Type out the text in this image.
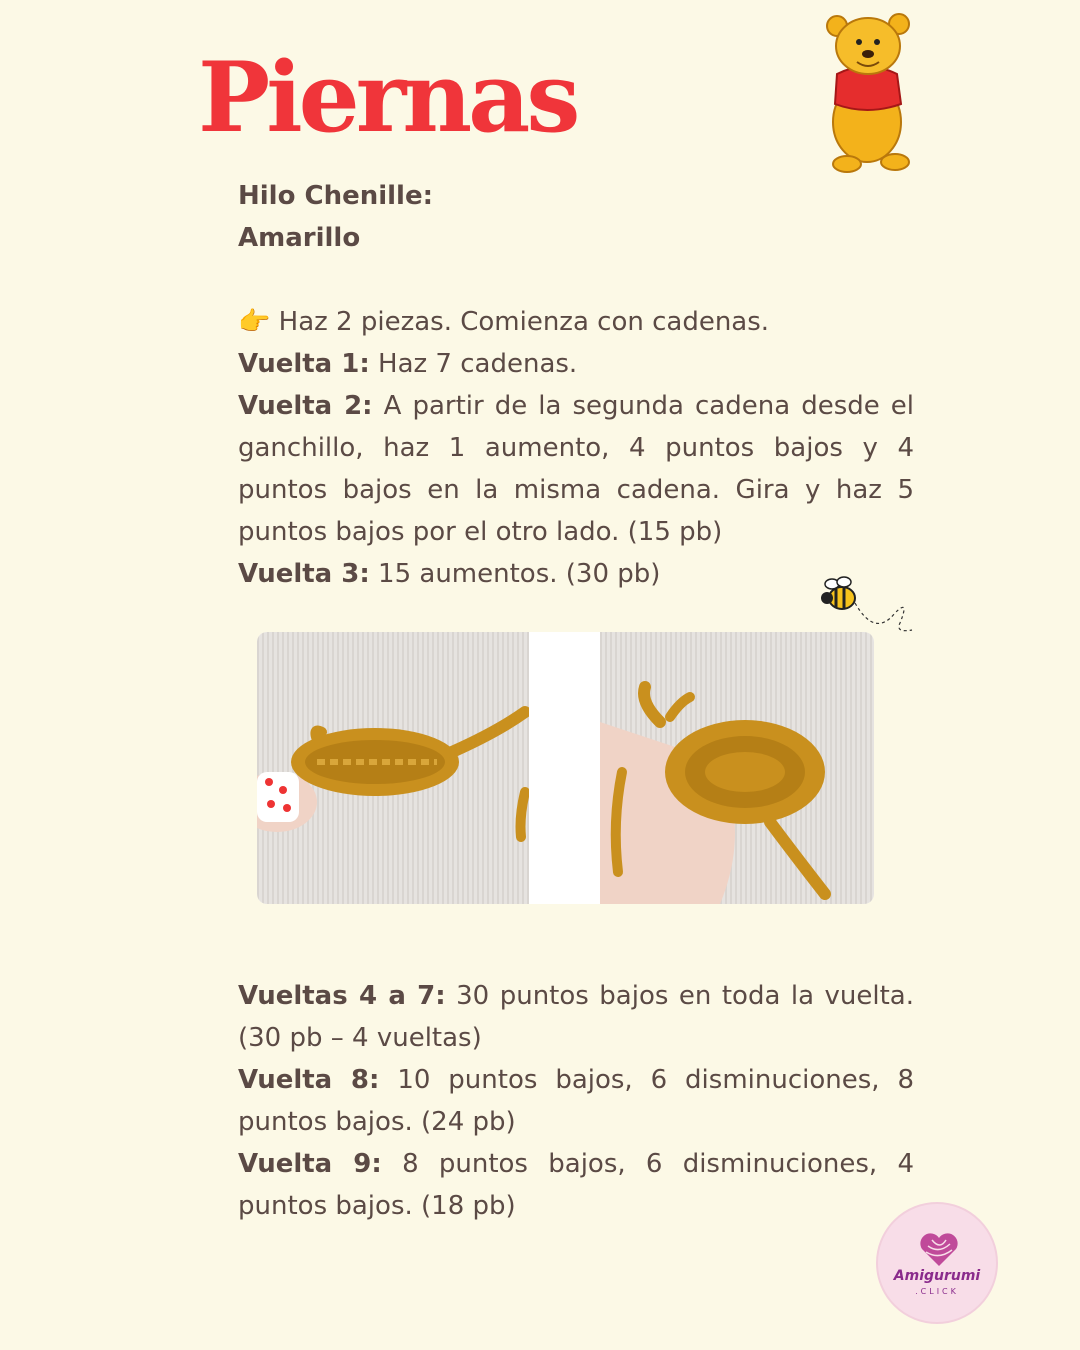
Piernas

Hilo Chenille:

Amarillo

👉 Haz 2 piezas. Comienza con cadenas.

Vuelta 1: Haz 7 cadenas.

Vuelta 2: A partir de la segunda cadena desde el ganchillo, haz 1 aumento, 4 puntos bajos y 4 puntos bajos en la misma cadena. Gira y haz 5 puntos bajos por el otro lado. (15 pb)

Vuelta 3: 15 aumentos. (30 pb)

Vueltas 4 a 7: 30 puntos bajos en toda la vuelta. (30 pb – 4 vueltas)

Vuelta 8: 10 puntos bajos, 6 disminuciones, 8 puntos bajos. (24 pb)

Vuelta 9: 8 puntos bajos, 6 disminuciones, 4 puntos bajos. (18 pb)

Amigurumi
.CLICK
